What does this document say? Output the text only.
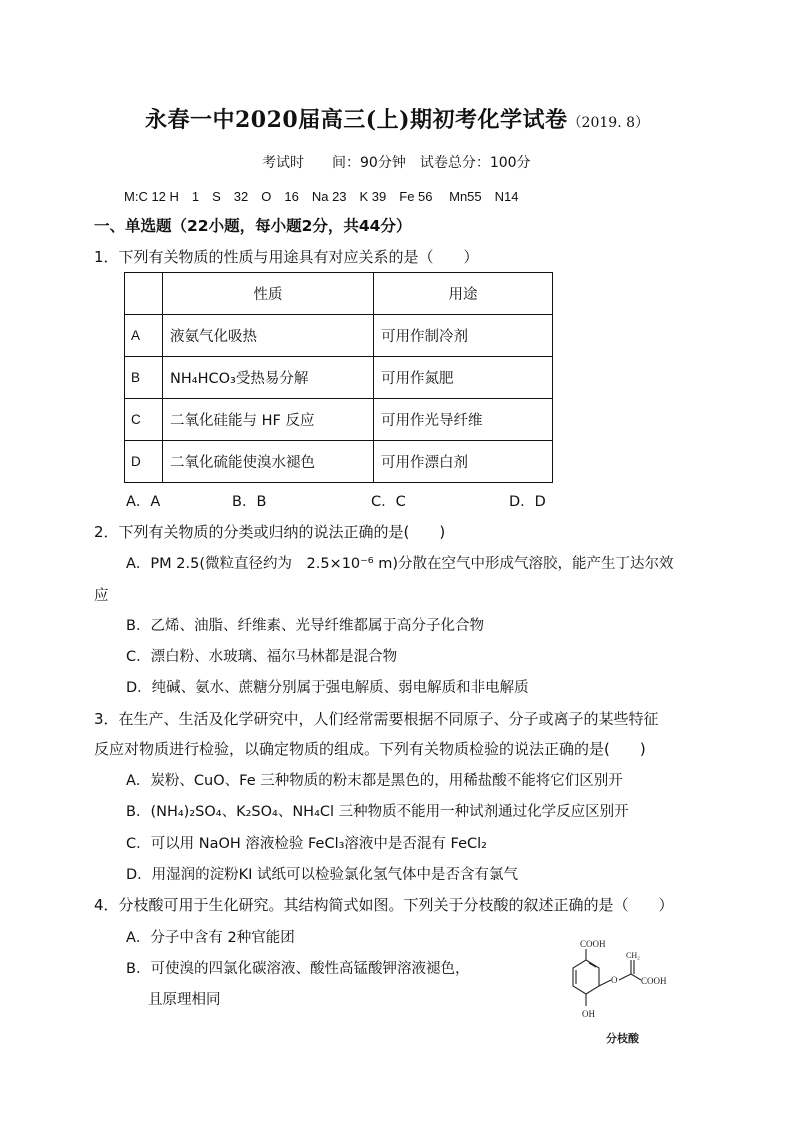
永春一中2020届高三(上)期初考化学试卷（2019. 8）
考试时　　间：90分钟　试卷总分：100分
M:C 12 H　1　S　32　O　16　Na 23　K 39　Fe 56　 Mn55　N14
一、单选题（22小题，每小题2分，共44分）
1．下列有关物质的性质与用途具有对应关系的是（　　）
	性质	用途
A	液氨气化吸热	可用作制冷剂
B	NH₄HCO₃受热易分解	可用作氮肥
C	二氧化硅能与 HF 反应	可用作光导纤维
D	二氧化硫能使溴水褪色	可用作漂白剂
A．A	B．B	C．C	D．D
2．下列有关物质的分类或归纳的说法正确的是(　　)
A．PM 2.5(微粒直径约为　2.5×10⁻⁶ m)分散在空气中形成气溶胶，能产生丁达尔效
应
B．乙烯、油脂、纤维素、光导纤维都属于高分子化合物
C．漂白粉、水玻璃、福尔马林都是混合物
D．纯碱、氨水、蔗糖分别属于强电解质、弱电解质和非电解质
3．在生产、生活及化学研究中，人们经常需要根据不同原子、分子或离子的某些特征
反应对物质进行检验，以确定物质的组成。下列有关物质检验的说法正确的是(　　)
A．炭粉、CuO、Fe 三种物质的粉末都是黑色的，用稀盐酸不能将它们区别开
B．(NH₄)₂SO₄、K₂SO₄、NH₄Cl 三种物质不能用一种试剂通过化学反应区别开
C．可以用 NaOH 溶液检验 FeCl₃溶液中是否混有 FeCl₂
D．用湿润的淀粉KI 试纸可以检验氯化氢气体中是否含有氯气
4．分枝酸可用于生化研究。其结构简式如图。下列关于分枝酸的叙述正确的是（　　）
A．分子中含有 2种官能团
B．可使溴的四氯化碳溶液、酸性高锰酸钾溶液褪色，
且原理相同
COOH
CH₂
O	COOH
OH
分枝酸
